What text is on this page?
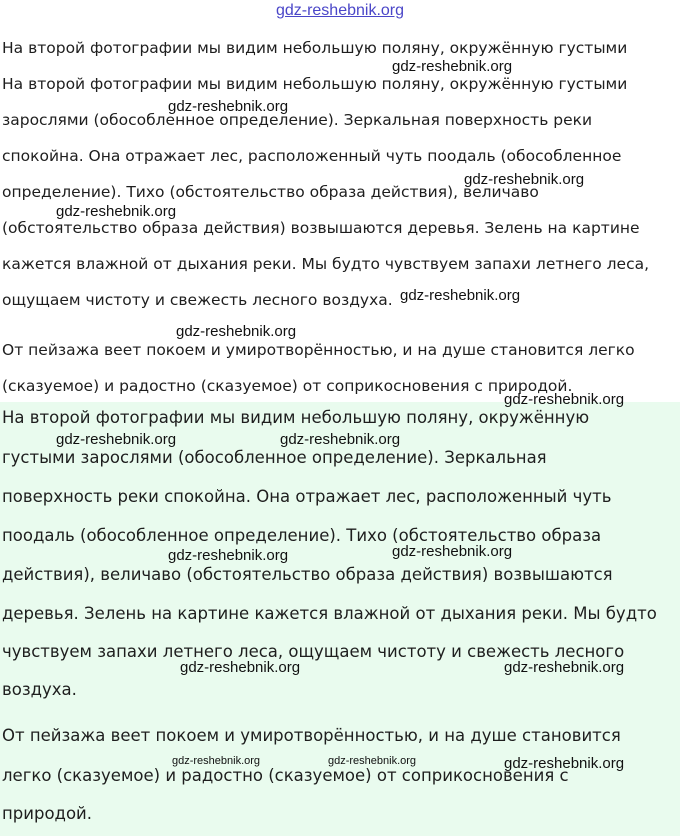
gdz-reshebnik.org

На второй фотографии мы видим небольшую поляну, окружённую густыми

На второй фотографии мы видим небольшую поляну, окружённую густыми

зарослями (обособленное определение). Зеркальная поверхность реки

спокойна. Она отражает лес, расположенный чуть поодаль (обособленное

определение). Тихо (обстоятельство образа действия), величаво

(обстоятельство образа действия) возвышаются деревья. Зелень на картине

кажется влажной от дыхания реки. Мы будто чувствуем запахи летнего леса,

ощущаем чистоту и свежесть лесного воздуха.

От пейзажа веет покоем и умиротворённостью, и на душе становится легко

(сказуемое) и радостно (сказуемое) от соприкосновения с природой.

На второй фотографии мы видим небольшую поляну, окружённую

густыми зарослями (обособленное определение). Зеркальная

поверхность реки спокойна. Она отражает лес, расположенный чуть

поодаль (обособленное определение). Тихо (обстоятельство образа

действия), величаво (обстоятельство образа действия) возвышаются

деревья. Зелень на картине кажется влажной от дыхания реки. Мы будто

чувствуем запахи летнего леса, ощущаем чистоту и свежесть лесного

воздуха.

От пейзажа веет покоем и умиротворённостью, и на душе становится

легко (сказуемое) и радостно (сказуемое) от соприкосновения с

природой.

gdz-reshebnik.org
gdz-reshebnik.org
gdz-reshebnik.org
gdz-reshebnik.org
gdz-reshebnik.org
gdz-reshebnik.org
gdz-reshebnik.org
gdz-reshebnik.org	gdz-reshebnik.org
gdz-reshebnik.org
gdz-reshebnik.org
gdz-reshebnik.org	gdz-reshebnik.org
gdz-reshebnik.org	gdz-reshebnik.org	gdz-reshebnik.org
